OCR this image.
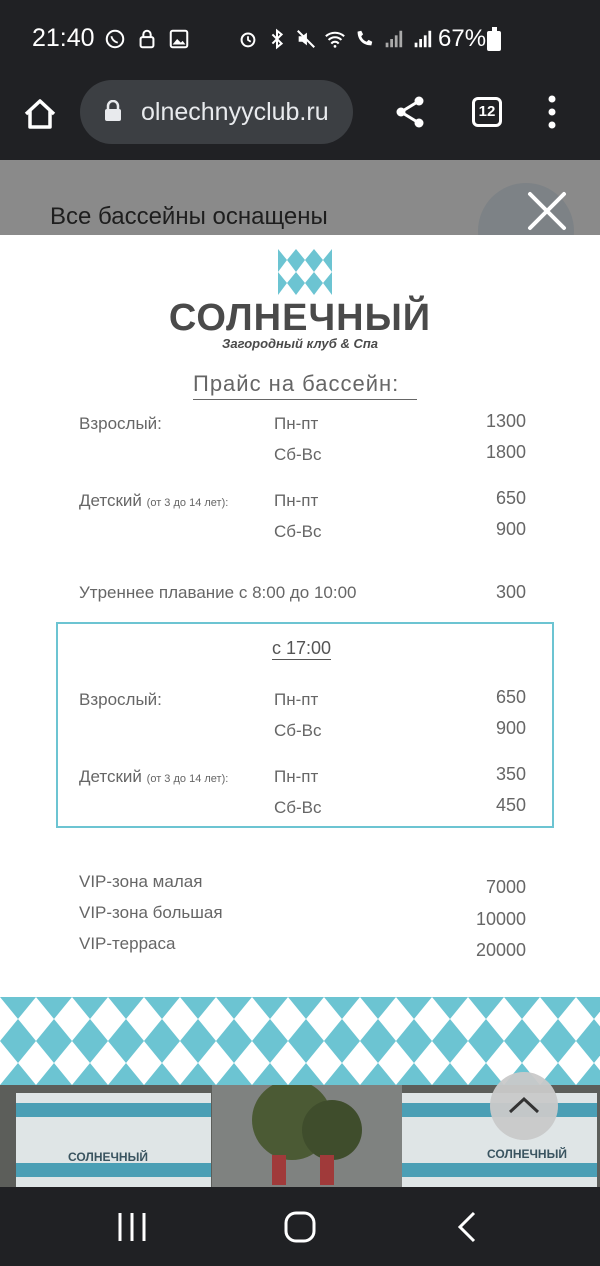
21:40	67%
olnechnyyclub.ru	12
Все бассейны оснащены
СОЛНЕЧНЫЙ
Загородный клуб & Спа
Прайс на бассейн:
Взрослый:	Пн-пт	1300
Сб-Вс	1800
Детский (от 3 до 14 лет):	Пн-пт	650
Сб-Вс	900
Утреннее плавание с 8:00 до 10:00	300
с 17:00
Взрослый:	Пн-пт	650
Сб-Вс	900
Детский (от 3 до 14 лет):	Пн-пт	350
Сб-Вс	450
VIP-зона малая	7000
VIP-зона большая	10000
VIP-терраса	20000
СОЛНЕЧНЫЙ	СОЛНЕЧНЫЙ
